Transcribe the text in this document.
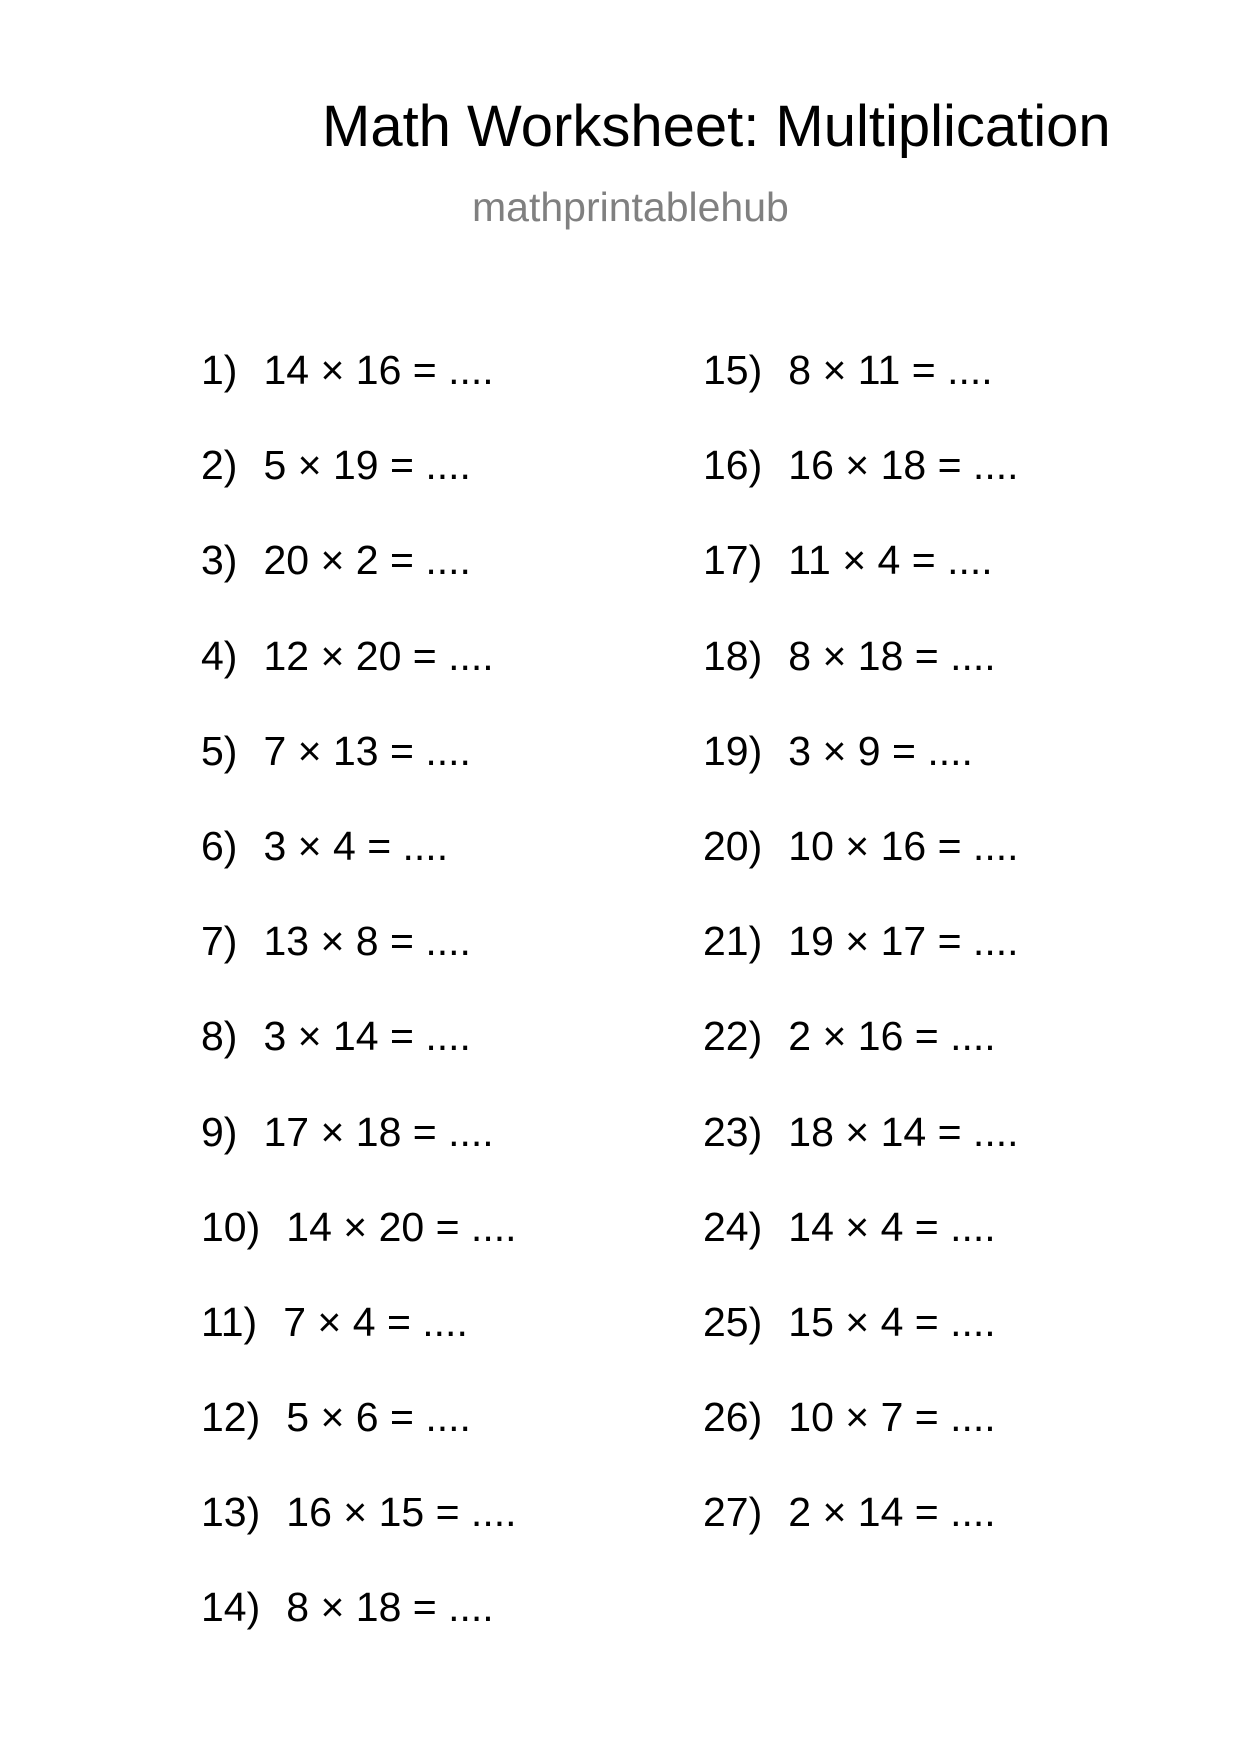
Math Worksheet: Multiplication
mathprintablehub
1) 14 × 16 = ....
2) 5 × 19 = ....
3) 20 × 2 = ....
4) 12 × 20 = ....
5) 7 × 13 = ....
6) 3 × 4 = ....
7) 13 × 8 = ....
8) 3 × 14 = ....
9) 17 × 18 = ....
10) 14 × 20 = ....
11) 7 × 4 = ....
12) 5 × 6 = ....
13) 16 × 15 = ....
14) 8 × 18 = ....
15) 8 × 11 = ....
16) 16 × 18 = ....
17) 11 × 4 = ....
18) 8 × 18 = ....
19) 3 × 9 = ....
20) 10 × 16 = ....
21) 19 × 17 = ....
22) 2 × 16 = ....
23) 18 × 14 = ....
24) 14 × 4 = ....
25) 15 × 4 = ....
26) 10 × 7 = ....
27) 2 × 14 = ....
